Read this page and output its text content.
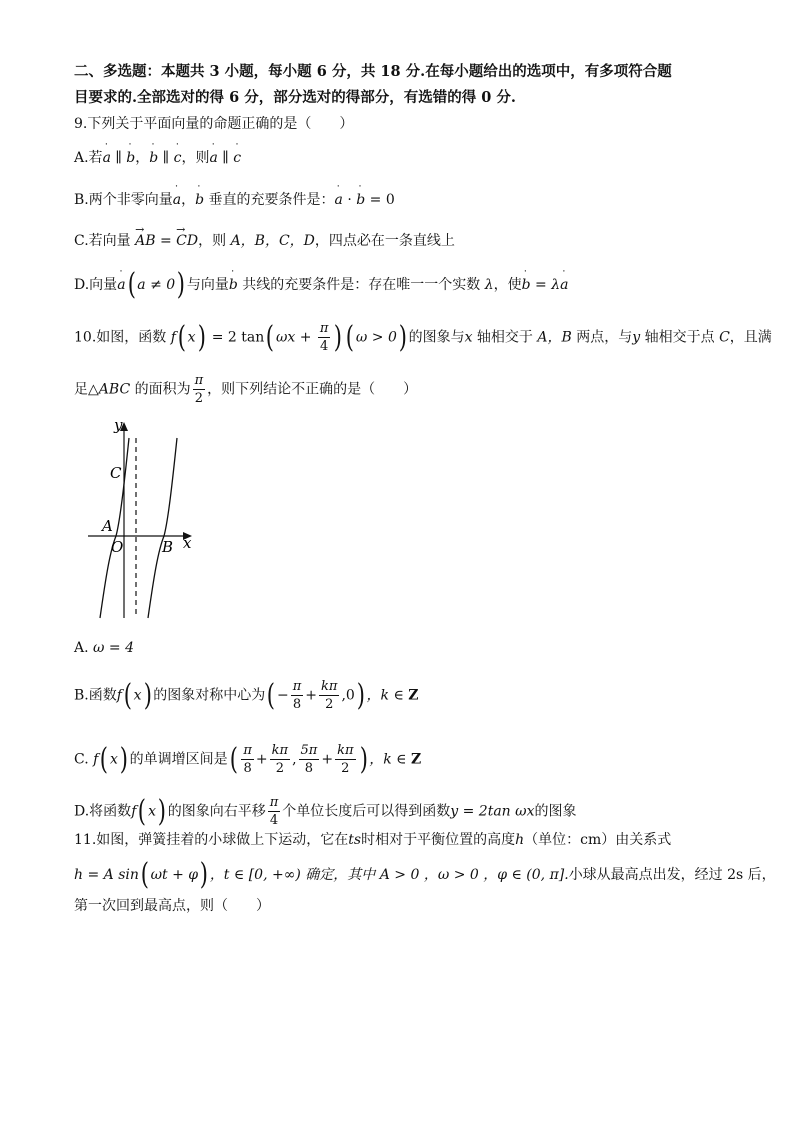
二、多选题：本题共 3 小题，每小题 6 分，共 18 分.在每小题给出的选项中，有多项符合题
目要求的.全部选对的得 6 分，部分选对的得部分，有选错的得 0 分.
9.下列关于平面向量的命题正确的是（　　）
A.若˙ a ∥ ˙ b，˙ b ∥ ˙ c，则˙ a ∥ ˙ c
B.两个非零向量˙ a，˙ b 垂直的充要条件是：˙ a · ˙ b = 0
C.若向量 → AB = → CD，则 A，B，C，D，四点必在一条直线上
D.向量˙ a( a ≠ 0) 与向量˙ b 共线的充要条件是：存在唯一一个实数 λ，使˙ b = λ˙ a
10.如图，函数 f( x) = 2 tan( $\omega x + \frac{\pi}{4}$ ) ( ω > 0) 的图象与x 轴相交于 A，B 两点，与y 轴相交于点 C，且满
足△ABC 的面积为 $\frac{\pi}{2}$ ，则下列结论不正确的是（　　）
y
x
C
A
O	B
A. ω = 4
B.函数f( x) 的图象对称中心为( − $\frac{\pi}{8} + \frac{k\pi}{2} ,0$) ，k ∈ Z
C. f( x) 的单调增区间是( $\frac{\pi}{8} + \frac{k\pi}{2}$ , $\frac{5\pi}{8} + \frac{k\pi}{2}$ ) ，k ∈ Z
D.将函数f( x) 的图象向右平移 $\frac{\pi}{4}$ 个单位长度后可以得到函数y = 2tan ωx的图象
11.如图，弹簧挂着的小球做上下运动，它在ts时相对于平衡位置的高度h（单位：cm）由关系式
h = A sin( ωt + φ) ，t ∈ [0, +∞) 确定，其中 A > 0 ，ω > 0 ，φ ∈ (0, π].小球从最高点出发，经过 2s 后，
第一次回到最高点，则（　　）
